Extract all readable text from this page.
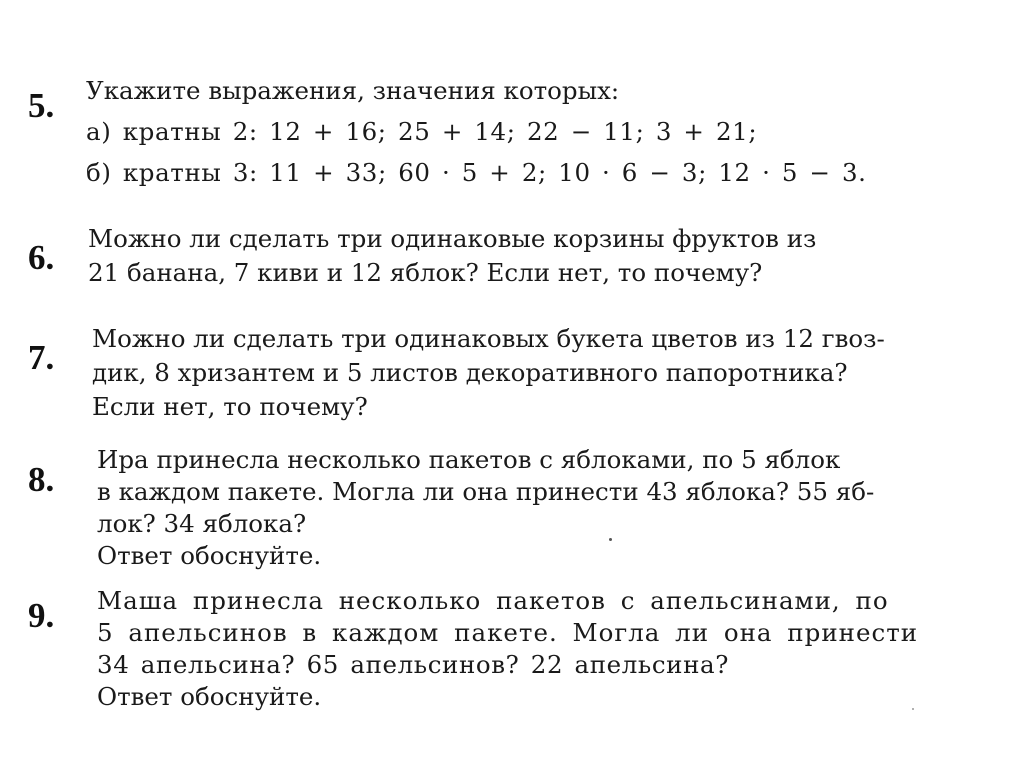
5. Укажите выражения, значения которых:
а) кратны 2: 12 + 16; 25 + 14; 22 − 11; 3 + 21;
б) кратны 3: 11 + 33; 60 · 5 + 2; 10 · 6 − 3; 12 · 5 − 3.
6. Можно ли сделать три одинаковые корзины фруктов из
21 банана, 7 киви и 12 яблок? Если нет, то почему?
7. Можно ли сделать три одинаковых букета цветов из 12 гвоз-
дик, 8 хризантем и 5 листов декоративного папоротника?
Если нет, то почему?
8.
Ира принесла несколько пакетов с яблоками, по 5 яблок
в каждом пакете. Могла ли она принести 43 яблока? 55 яб-
лок? 34 яблока?
Ответ обоснуйте.
9. Маша принесла несколько пакетов с апельсинами, по
5 апельсинов в каждом пакете. Могла ли она принести
34 апельсина? 65 апельсинов? 22 апельсина?
Ответ обоснуйте.
